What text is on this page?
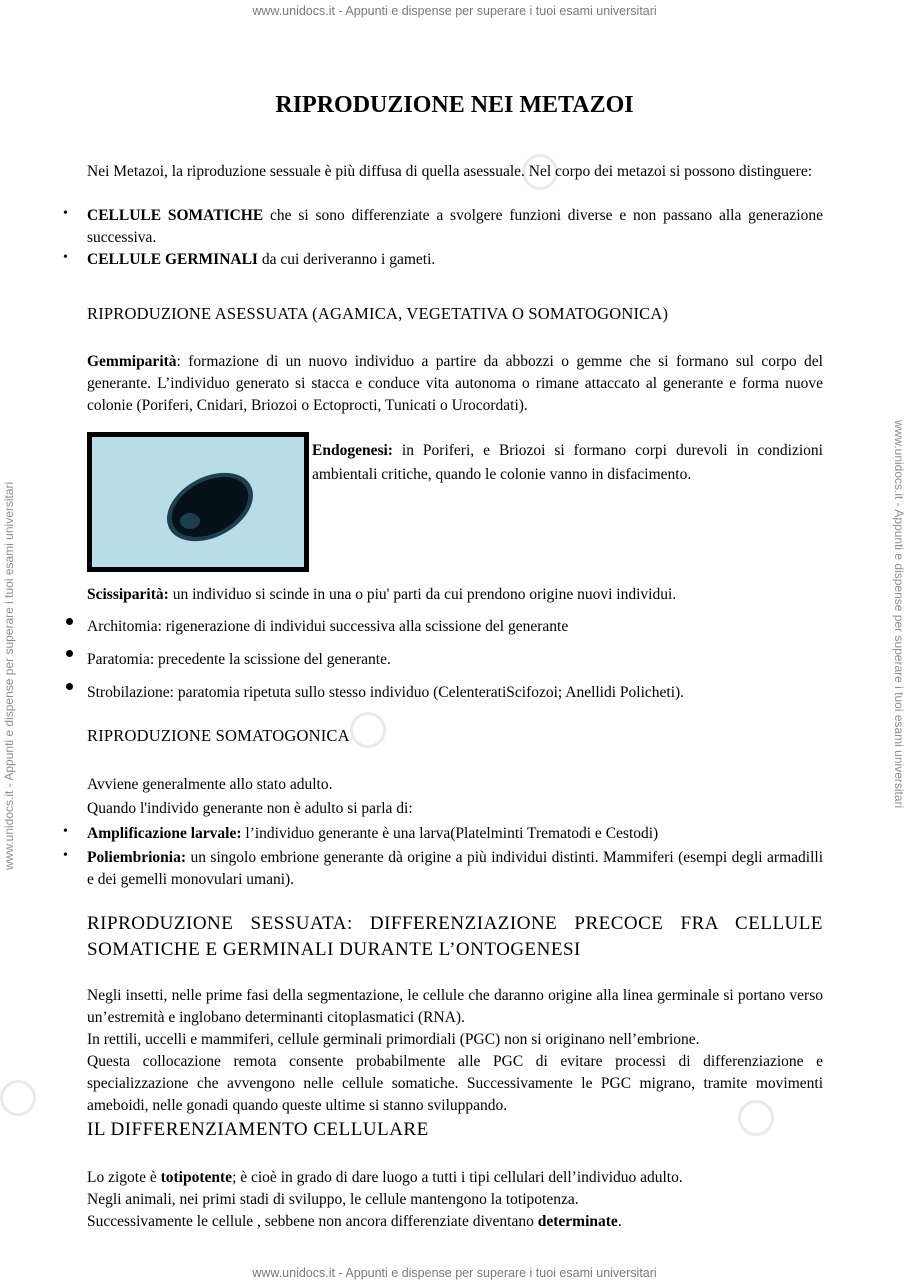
www.unidocs.it - Appunti e dispense per superare i tuoi esami universitari
www.unidocs.it - Appunti e dispense per superare i tuoi esami universitari
www.unidocs.it - Appunti e dispense per superare i tuoi esami universitari	www.unidocs.it - Appunti e dispense per superare i tuoi esami universitari
RIPRODUZIONE NEI METAZOI

Nei Metazoi, la riproduzione sessuale è più diffusa di quella asessuale. Nel corpo dei metazoi si possono distinguere:

• CELLULE SOMATICHE che si sono differenziate a svolgere funzioni diverse e non passano alla generazione successiva.

• CELLULE GERMINALI da cui deriveranno i gameti.

RIPRODUZIONE ASESSUATA (AGAMICA, VEGETATIVA O SOMATOGONICA)

Gemmiparità: formazione di un nuovo individuo a partire da abbozzi o gemme che si formano sul corpo del generante. L’individuo generato si stacca e conduce vita autonoma o rimane attaccato al generante e forma nuove colonie (Poriferi, Cnidari, Briozoi o Ectoprocti, Tunicati o Urocordati).

Endogenesi: in Poriferi, e Briozoi si formano corpi durevoli in condizioni ambientali critiche, quando le colonie vanno in disfacimento.

Scissiparità: un individuo si scinde in una o piu' parti da cui prendono origine nuovi individui.

Architomia: rigenerazione di individui successiva alla scissione del generante

Paratomia: precedente la scissione del generante.

Strobilazione: paratomia ripetuta sullo stesso individuo (CelenteratiScifozoi; Anellidi Policheti).

RIPRODUZIONE SOMATOGONICA

Avviene generalmente allo stato adulto.

Quando l'individo generante non è adulto si parla di:

• Amplificazione larvale: l’individuo generante è una larva(Platelminti Trematodi e Cestodi)

• Poliembrionia: un singolo embrione generante dà origine a più individui distinti. Mammiferi (esempi degli armadilli e dei gemelli monovulari umani).

RIPRODUZIONE SESSUATA: DIFFERENZIAZIONE PRECOCE FRA CELLULE SOMATICHE E GERMINALI DURANTE L’ONTOGENESI

Negli insetti, nelle prime fasi della segmentazione, le cellule che daranno origine alla linea germinale si portano verso un’estremità e inglobano determinanti citoplasmatici (RNA).

In rettili, uccelli e mammiferi, cellule germinali primordiali (PGC) non si originano nell’embrione.

Questa collocazione remota consente probabilmente alle PGC di evitare processi di differenziazione e specializzazione che avvengono nelle cellule somatiche. Successivamente le PGC migrano, tramite movimenti ameboidi, nelle gonadi quando queste ultime si stanno sviluppando.

IL DIFFERENZIAMENTO CELLULARE

Lo zigote è totipotente; è cioè in grado di dare luogo a tutti i tipi cellulari dell’individuo adulto.

Negli animali, nei primi stadi di sviluppo, le cellule mantengono la totipotenza.

Successivamente le cellule , sebbene non ancora differenziate diventano determinate.
